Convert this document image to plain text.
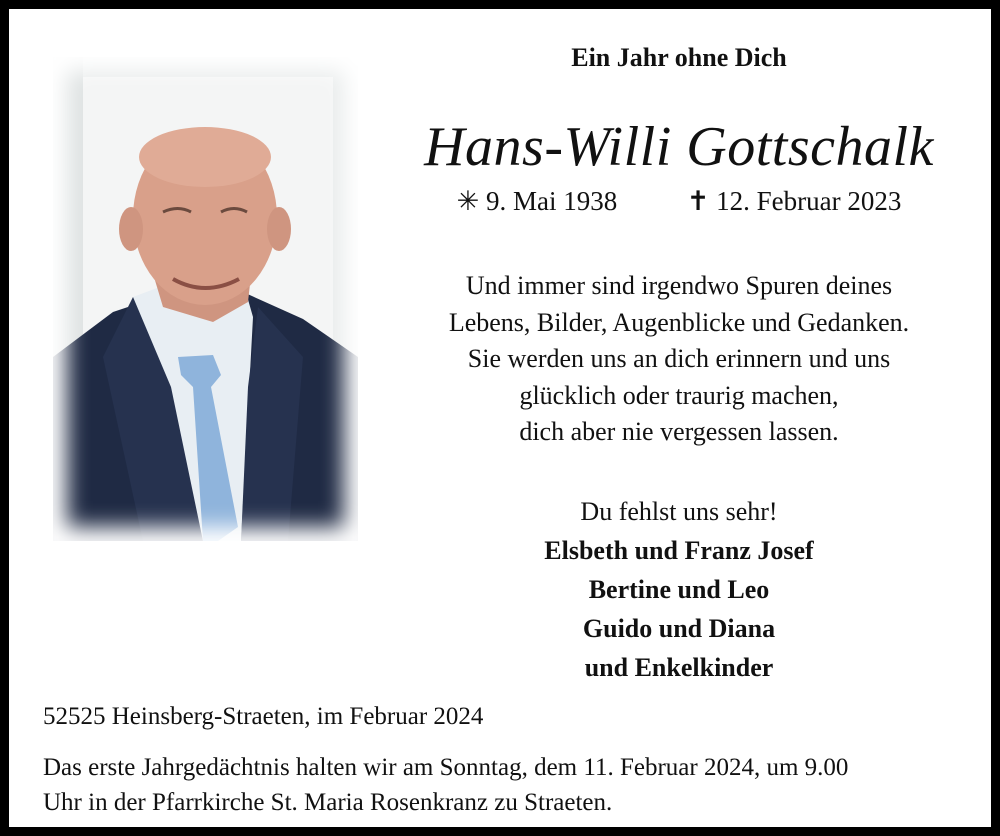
Ein Jahr ohne Dich
Hans-Willi Gottschalk
✳ 9. Mai 1938	✝ 12. Februar 2023
Und immer sind irgendwo Spuren deines
Lebens, Bilder, Augenblicke und Gedanken.
Sie werden uns an dich erinnern und uns
glücklich oder traurig machen,
dich aber nie vergessen lassen.
Du fehlst uns sehr!
Elsbeth und Franz Josef
Bertine und Leo
Guido und Diana
und Enkelkinder
52525 Heinsberg-Straeten, im Februar 2024
Das erste Jahrgedächtnis halten wir am Sonntag, dem 11. Februar 2024, um 9.00
Uhr in der Pfarrkirche St. Maria Rosenkranz zu Straeten.
